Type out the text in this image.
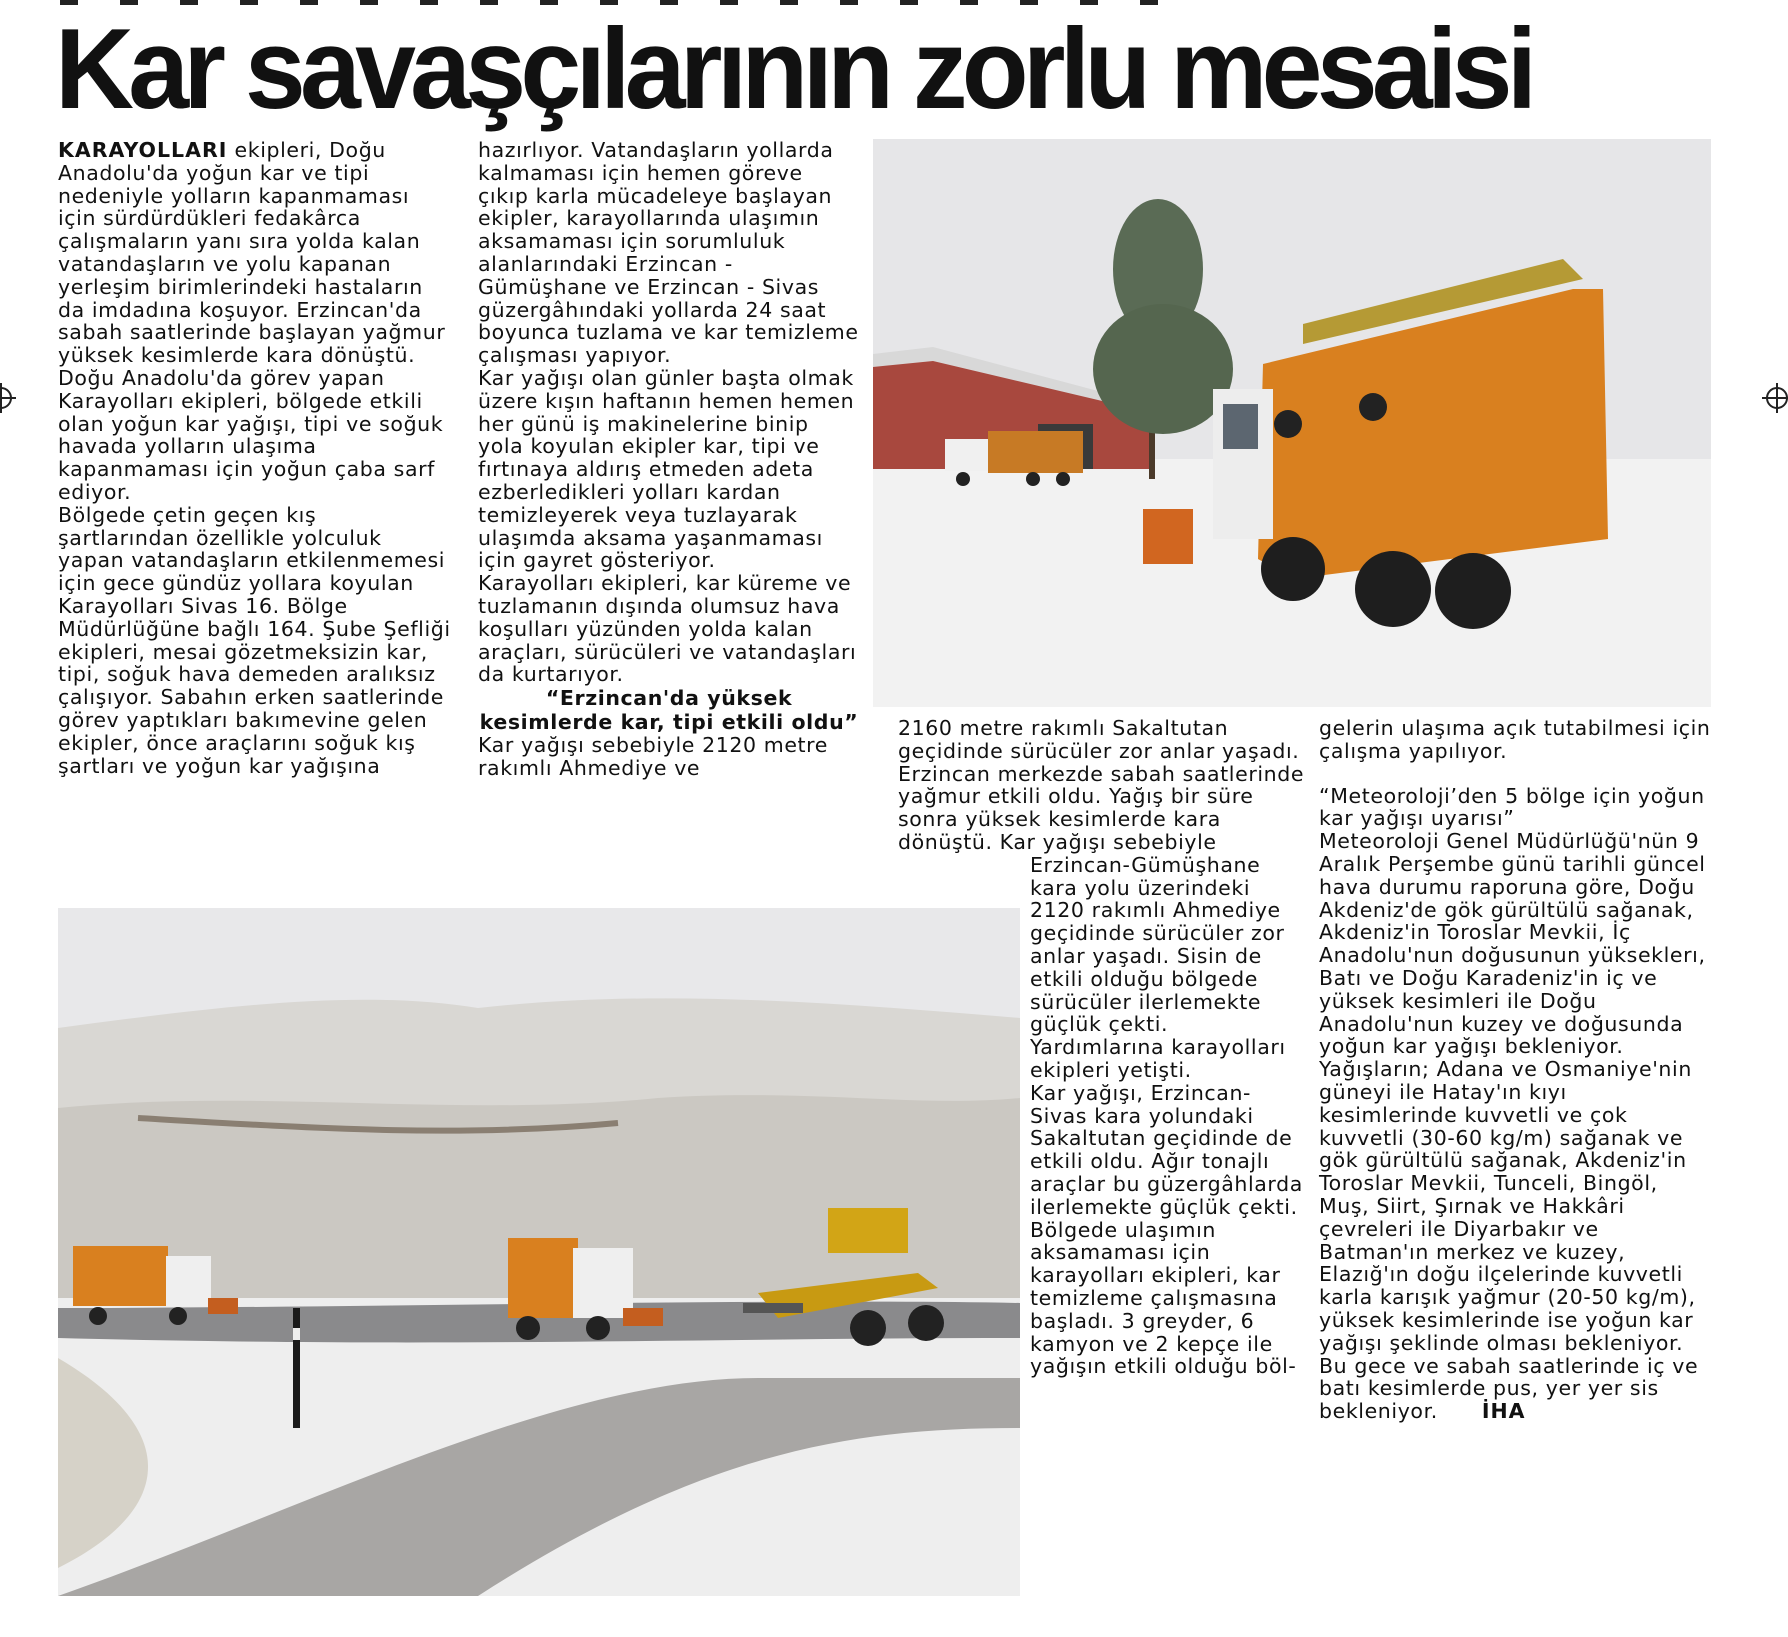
Kar savaşçılarının zorlu mesaisi

KARAYOLLARI ekipleri, Doğu Anadolu'da yoğun kar ve tipi nedeniyle yolların kapanmaması için sürdürdükleri fedakârca çalışmaların yanı sıra yolda kalan vatandaşların ve yolu kapanan yerleşim birimlerindeki hastaların da imdadına koşuyor. Erzincan'da sabah saatlerinde başlayan yağmur yüksek kesimlerde kara dönüştü.

Doğu Anadolu'da görev yapan Karayolları ekipleri, bölgede etkili olan yoğun kar yağışı, tipi ve soğuk havada yolların ulaşıma kapanmaması için yoğun çaba sarf ediyor.

Bölgede çetin geçen kış şartlarından özellikle yolculuk yapan vatandaşların etkilenmemesi için gece gündüz yollara koyulan Karayolları Sivas 16. Bölge Müdürlüğüne bağlı 164. Şube Şefliği ekipleri, mesai gözetmeksizin kar, tipi, soğuk hava demeden aralıksız çalışıyor. Sabahın erken saatlerinde görev yaptıkları bakımevine gelen ekipler, önce araçlarını soğuk kış şartları ve yoğun kar yağışına

hazırlıyor. Vatandaşların yollarda kalmaması için hemen göreve çıkıp karla mücadeleye başlayan ekipler, karayollarında ulaşımın aksamaması için sorumluluk alanlarındaki Erzincan - Gümüşhane ve Erzincan - Sivas güzergâhındaki yollarda 24 saat boyunca tuzlama ve kar temizleme çalışması yapıyor.

Kar yağışı olan günler başta olmak üzere kışın haftanın hemen hemen her günü iş makinelerine binip yola koyulan ekipler kar, tipi ve fırtınaya aldırış etmeden adeta ezberledikleri yolları kardan temizleyerek veya tuzlayarak ulaşımda aksama yaşanmaması için gayret gösteriyor.

Karayolları ekipleri, kar küreme ve tuzlamanın dışında olumsuz hava koşulları yüzünden yolda kalan araçları, sürücüleri ve vatandaşları da kurtarıyor.

“Erzincan'da yüksek kesimlerde kar, tipi etkili oldu”

Kar yağışı sebebiyle 2120 metre rakımlı Ahmediye ve

2160 metre rakımlı Sakaltutan geçidinde sürücüler zor anlar yaşadı. Erzincan merkezde sabah saatlerinde yağmur etkili oldu. Yağış bir süre sonra yüksek kesimlerde kara dönüştü. Kar yağışı sebebiyle

Erzincan-Gümüşhane kara yolu üzerindeki 2120 rakımlı Ahmediye geçidinde sürücüler zor anlar yaşadı. Sisin de etkili olduğu bölgede sürücüler ilerlemekte güçlük çekti. Yardımlarına karayolları ekipleri yetişti.

Kar yağışı, Erzincan- Sivas kara yolundaki Sakaltutan geçidinde de etkili oldu. Ağır tonajlı araçlar bu güzergâhlarda ilerlemekte güçlük çekti. Bölgede ulaşımın aksamaması için karayolları ekipleri, kar temizleme çalışmasına başladı. 3 greyder, 6 kamyon ve 2 kepçe ile yağışın etkili olduğu böl-

gelerin ulaşıma açık tutabilmesi için çalışma yapılıyor.

“Meteoroloji’den 5 bölge için yoğun kar yağışı uyarısı”

Meteoroloji Genel Müdürlüğü'nün 9 Aralık Perşembe günü tarihli güncel hava durumu raporuna göre, Doğu Akdeniz'de gök gürültülü sağanak, Akdeniz'in Toroslar Mevkii, İç Anadolu'nun doğusunun yükseklerı, Batı ve Doğu Karadeniz'in iç ve yüksek kesimleri ile Doğu Anadolu'nun kuzey ve doğusunda yoğun kar yağışı bekleniyor.

Yağışların; Adana ve Osmaniye'nin güneyi ile Hatay'ın kıyı kesimlerinde kuvvetli ve çok kuvvetli (30-60 kg/m) sağanak ve gök gürültülü sağanak, Akdeniz'in Toroslar Mevkii, Tunceli, Bingöl, Muş, Siirt, Şırnak ve Hakkâri çevreleri ile Diyarbakır ve Batman'ın merkez ve kuzey, Elazığ'ın doğu ilçelerinde kuvvetli karla karışık yağmur (20-50 kg/m), yüksek kesimlerinde ise yoğun kar yağışı şeklinde olması bekleniyor. Bu gece ve sabah saatlerinde iç ve batı kesimlerde pus, yer yer sis bekleniyor. İHA
